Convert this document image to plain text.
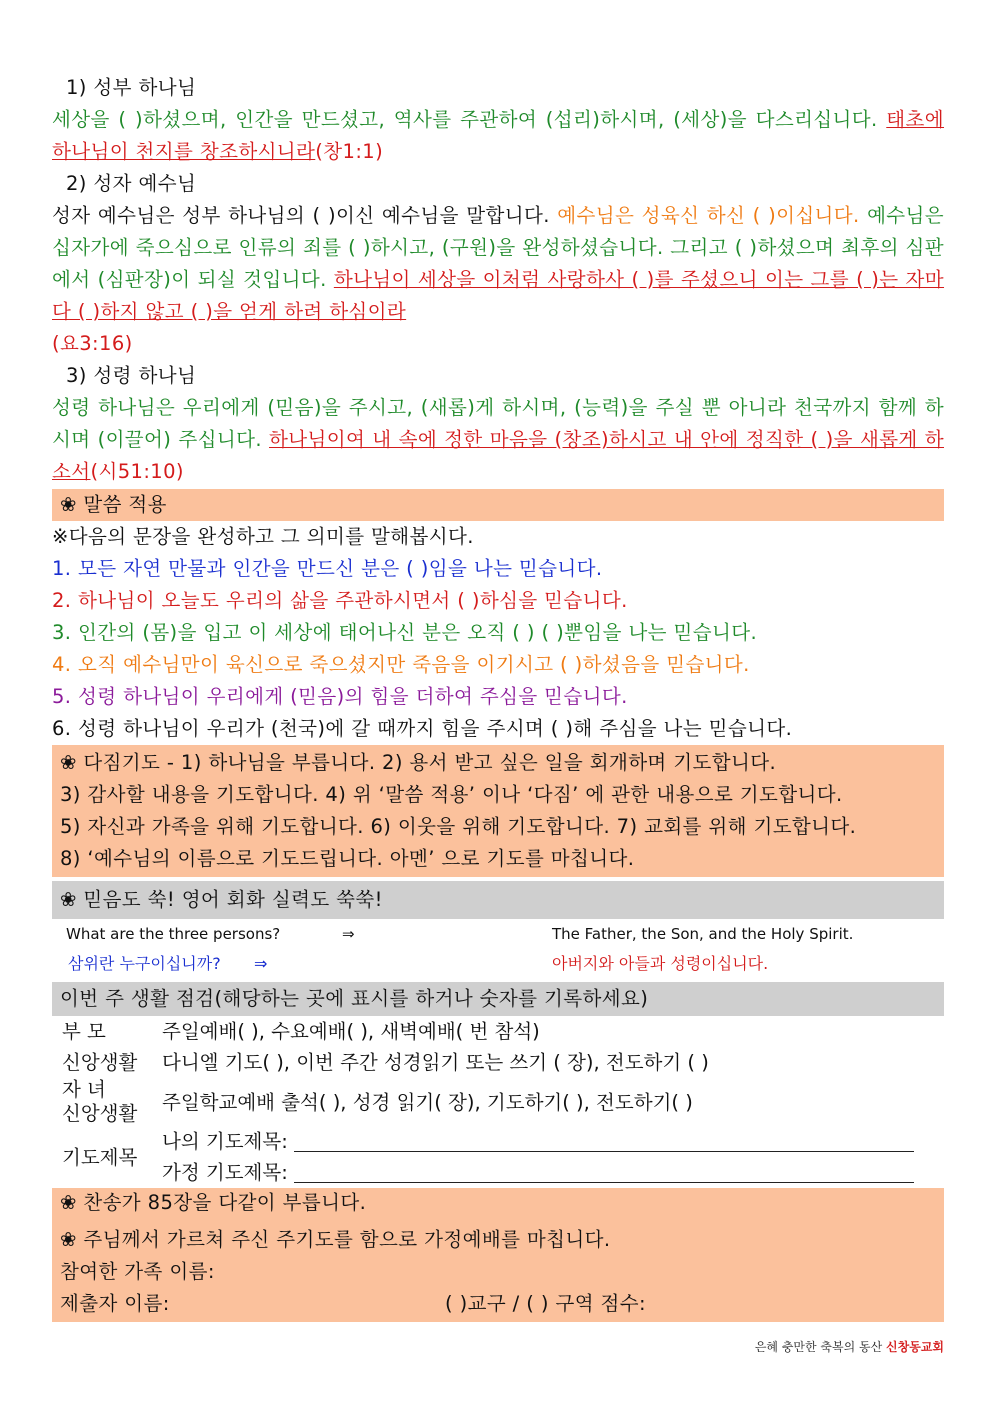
1) 성부 하나님
세상을 ( )하셨으며, 인간을 만드셨고, 역사를 주관하여 (섭리)하시며, (세상)을 다스리십니다. 태초에 하나님이 천지를 창조하시니라(창1:1)
2) 성자 예수님
성자 예수님은 성부 하나님의 ( )이신 예수님을 말합니다. 예수님은 성육신 하신 ( )이십니다. 예수님은 십자가에 죽으심으로 인류의 죄를 ( )하시고, (구원)을 완성하셨습니다. 그리고 ( )하셨으며 최후의 심판에서 (심판장)이 되실 것입니다. 하나님이 세상을 이처럼 사랑하사 ( )를 주셨으니 이는 그를 ( )는 자마다 ( )하지 않고 ( )을 얻게 하려 하심이라
(요3:16)
3) 성령 하나님
성령 하나님은 우리에게 (믿음)을 주시고, (새롭)게 하시며, (능력)을 주실 뿐 아니라 천국까지 함께 하시며 (이끌어) 주십니다. 하나님이여 내 속에 정한 마음을 (창조)하시고 내 안에 정직한 ( )을 새롭게 하소서(시51:10)
❀ 말씀 적용
※다음의 문장을 완성하고 그 의미를 말해봅시다.
1. 모든 자연 만물과 인간을 만드신 분은 ( )임을 나는 믿습니다.
2. 하나님이 오늘도 우리의 삶을 주관하시면서 ( )하심을 믿습니다.
3. 인간의 (몸)을 입고 이 세상에 태어나신 분은 오직 ( ) ( )뿐임을 나는 믿습니다.
4. 오직 예수님만이 육신으로 죽으셨지만 죽음을 이기시고 ( )하셨음을 믿습니다.
5. 성령 하나님이 우리에게 (믿음)의 힘을 더하여 주심을 믿습니다.
6. 성령 하나님이 우리가 (천국)에 갈 때까지 힘을 주시며 ( )해 주심을 나는 믿습니다.
❀ 다짐기도 - 1) 하나님을 부릅니다. 2) 용서 받고 싶은 일을 회개하며 기도합니다.
3) 감사할 내용을 기도합니다. 4) 위 ‘말씀 적용’ 이나 ‘다짐’ 에 관한 내용으로 기도합니다.
5) 자신과 가족을 위해 기도합니다. 6) 이웃을 위해 기도합니다. 7) 교회를 위해 기도합니다.
8) ‘예수님의 이름으로 기도드립니다. 아멘’ 으로 기도를 마칩니다.
❀ 믿음도 쑥! 영어 회화 실력도 쑥쑥!
What are the three persons?	⇒	The Father, the Son, and the Holy Spirit.
삼위란 누구이십니까? ⇒	아버지와 아들과 성령이십니다.
이번 주 생활 점검(해당하는 곳에 표시를 하거나 숫자를 기록하세요)
부 모	주일예배( ), 수요예배( ), 새벽예배( 번 참석)
신앙생활	다니엘 기도( ), 이번 주간 성경읽기 또는 쓰기 ( 장), 전도하기 ( )
자 녀
신앙생활	주일학교예배 출석( ), 성경 읽기( 장), 기도하기( ), 전도하기( )
기도제목	나의 기도제목:
	가정 기도제목:
❀ 찬송가 85장을 다같이 부릅니다.
❀ 주님께서 가르쳐 주신 주기도를 함으로 가정예배를 마칩니다.
참여한 가족 이름:
제출자 이름:	( )교구 / ( ) 구역 점수:
은혜 충만한 축복의 동산 신창동교회
